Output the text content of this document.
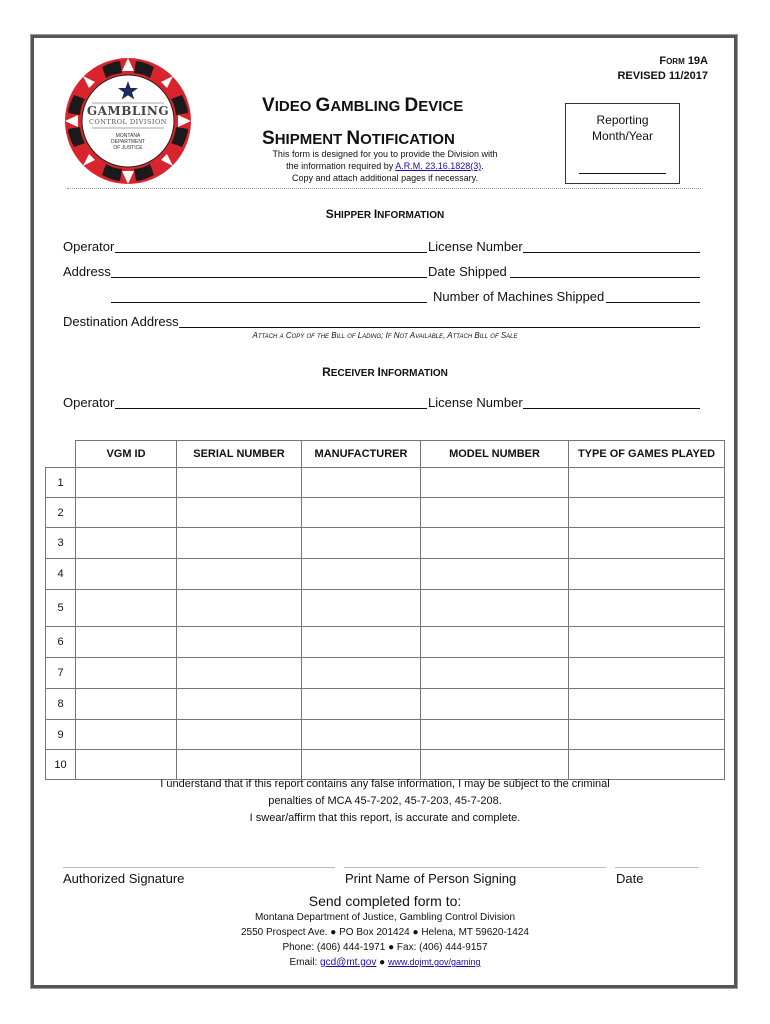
Form 19A
REVISED 11/2017
GAMBLING
CONTROL DIVISION
MONTANA
DEPARTMENT
OF JUSTICE
VIDEO GAMBLING DEVICE
SHIPMENT NOTIFICATION
This form is designed for you to provide the Division with
the information required by A.R.M. 23.16.1828(3).
Copy and attach additional pages if necessary.
Reporting
Month/Year
SHIPPER INFORMATION
Operator	License Number
Address	Date Shipped
Number of Machines Shipped
Destination Address
Attach a Copy of the Bill of Lading; If Not Available, Attach Bill of Sale
RECEIVER INFORMATION
Operator	License Number
	VGM ID	SERIAL NUMBER	MANUFACTURER	MODEL NUMBER	TYPE OF GAMES PLAYED
1					
2					
3					
4					
5					
6					
7					
8					
9					
10					
I understand that if this report contains any false information, I may be subject to the criminal
penalties of MCA 45-7-202, 45-7-203, 45-7-208.
I swear/affirm that this report, is accurate and complete.
Authorized Signature	Print Name of Person Signing	Date
Send completed form to:
Montana Department of Justice, Gambling Control Division
2550 Prospect Ave. ● PO Box 201424 ● Helena, MT 59620-1424
Phone: (406) 444-1971 ● Fax: (406) 444-9157
Email: gcd@mt.gov ● www.dojmt.gov/gaming
